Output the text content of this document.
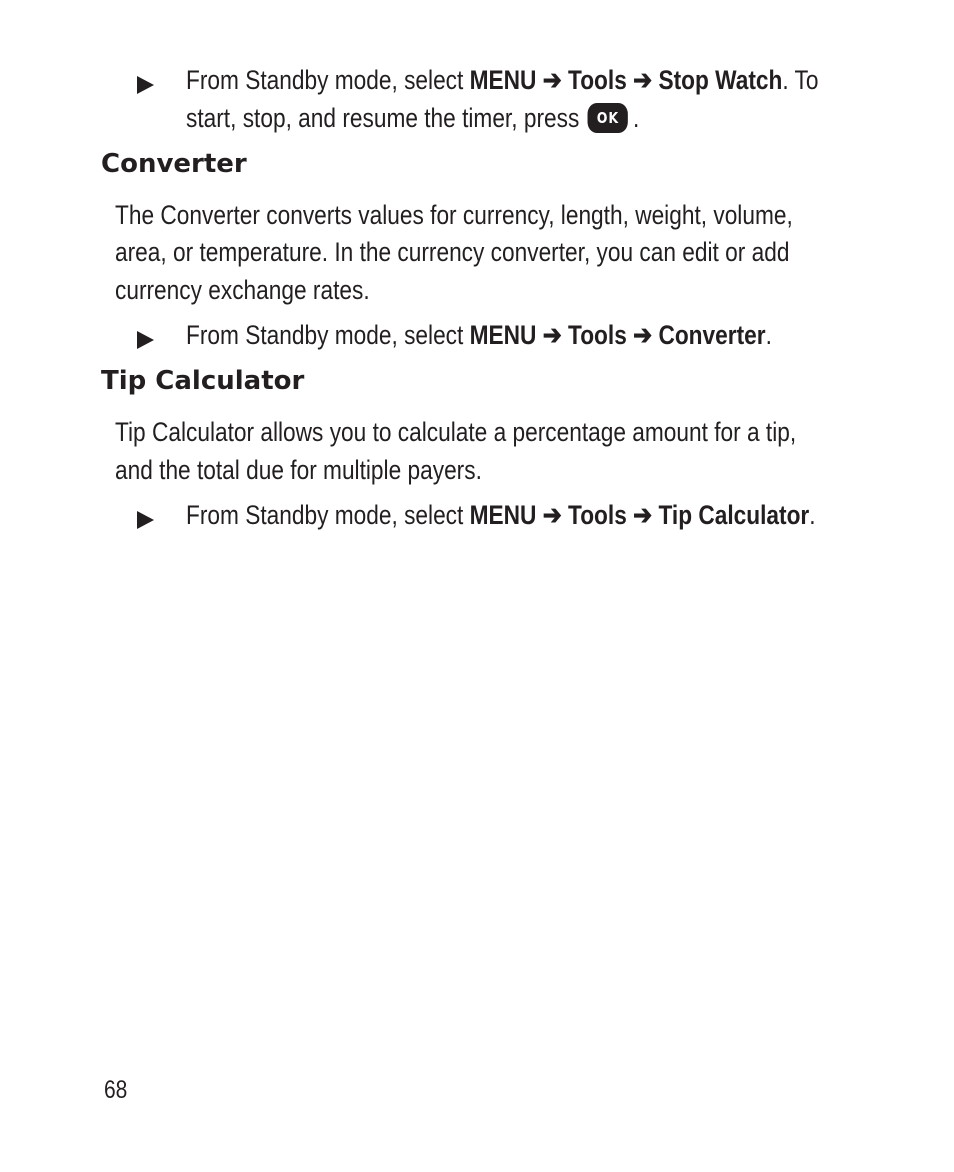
From Standby mode, select MENU ➔ Tools ➔ Stop Watch. To
start, stop, and resume the timer, press OK .
Converter
The Converter converts values for currency, length, weight, volume,
area, or temperature. In the currency converter, you can edit or add
currency exchange rates.
From Standby mode, select MENU ➔ Tools ➔ Converter.
Tip Calculator
Tip Calculator allows you to calculate a percentage amount for a tip,
and the total due for multiple payers.
From Standby mode, select MENU ➔ Tools ➔ Tip Calculator.
68
